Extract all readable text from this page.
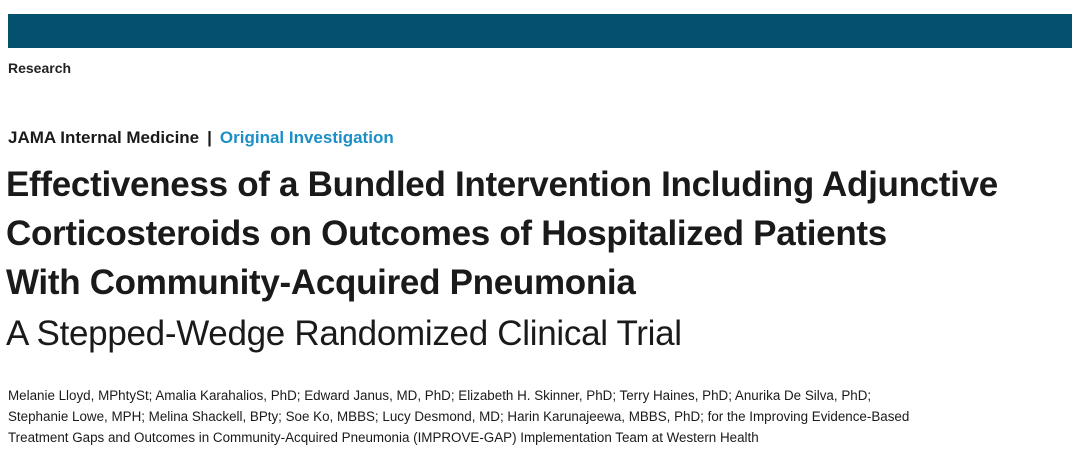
Research
JAMA Internal Medicine | Original Investigation
Effectiveness of a Bundled Intervention Including Adjunctive
Corticosteroids on Outcomes of Hospitalized Patients
With Community-Acquired Pneumonia
A Stepped-Wedge Randomized Clinical Trial
Melanie Lloyd, MPhtySt; Amalia Karahalios, PhD; Edward Janus, MD, PhD; Elizabeth H. Skinner, PhD; Terry Haines, PhD; Anurika De Silva, PhD;
Stephanie Lowe, MPH; Melina Shackell, BPty; Soe Ko, MBBS; Lucy Desmond, MD; Harin Karunajeewa, MBBS, PhD; for the Improving Evidence-Based
Treatment Gaps and Outcomes in Community-Acquired Pneumonia (IMPROVE-GAP) Implementation Team at Western Health
